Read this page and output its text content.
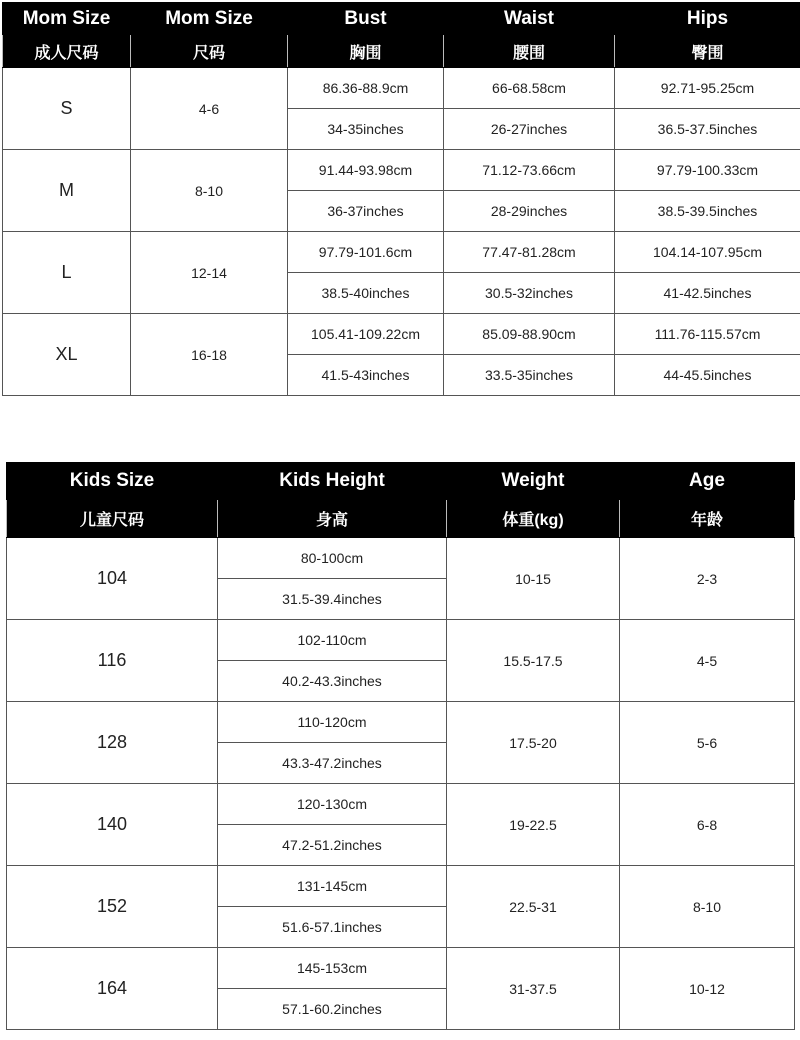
Mom Size	Mom Size	Bust	Waist	Hips
成人尺码	尺码	胸围	腰围	臀围
S	4-6	86.36-88.9cm	66-68.58cm	92.71-95.25cm
		34-35inches	26-27inches	36.5-37.5inches
M	8-10	91.44-93.98cm	71.12-73.66cm	97.79-100.33cm
		36-37inches	28-29inches	38.5-39.5inches
L	12-14	97.79-101.6cm	77.47-81.28cm	104.14-107.95cm
		38.5-40inches	30.5-32inches	41-42.5inches
XL	16-18	105.41-109.22cm	85.09-88.90cm	111.76-115.57cm
		41.5-43inches	33.5-35inches	44-45.5inches
Kids Size	Kids Height	Weight	Age
儿童尺码	身高	体重(kg)	年龄
104	80-100cm	10-15	2-3
	31.5-39.4inches		
116	102-110cm	15.5-17.5	4-5
	40.2-43.3inches		
128	110-120cm	17.5-20	5-6
	43.3-47.2inches		
140	120-130cm	19-22.5	6-8
	47.2-51.2inches		
152	131-145cm	22.5-31	8-10
	51.6-57.1inches		
164	145-153cm	31-37.5	10-12
	57.1-60.2inches		
